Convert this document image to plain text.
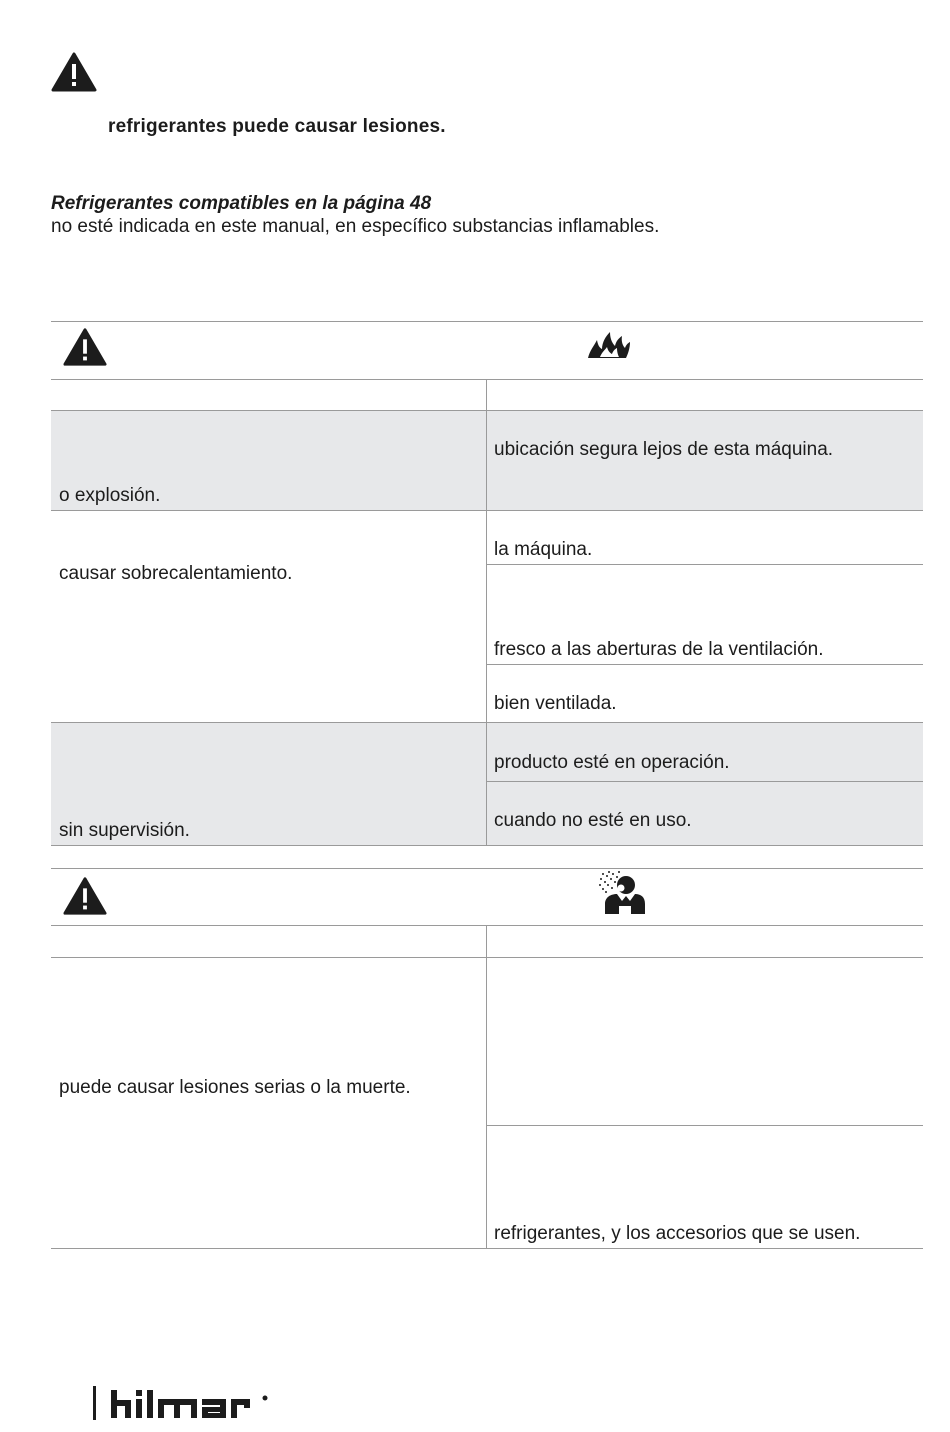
refrigerantes puede causar lesiones.
Refrigerantes compatibles en la página 48
no esté indicada en este manual, en específico substancias inflamables.
o explosión.
ubicación segura lejos de esta máquina.
causar sobrecalentamiento.
la máquina.
fresco a las aberturas de la ventilación.
bien ventilada.
sin supervisión.
producto esté en operación.
cuando no esté en uso.
puede causar lesiones serias o la muerte.
refrigerantes, y los accesorios que se usen.
